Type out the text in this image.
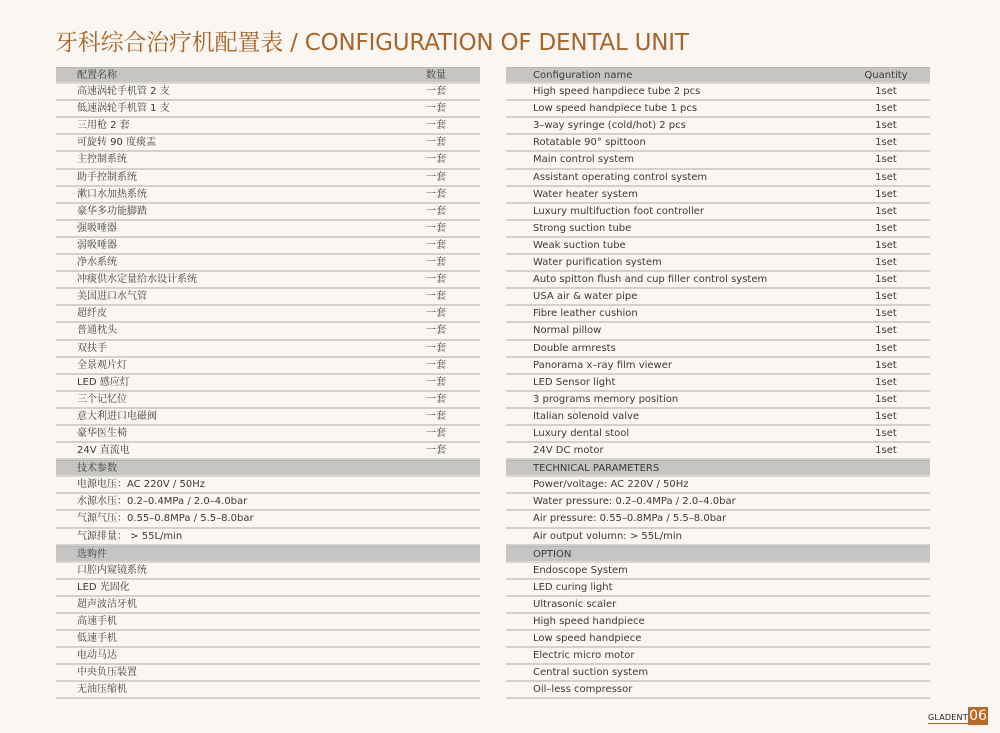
牙科综合治疗机配置表 / CONFIGURATION OF DENTAL UNIT
配置名称	数量
高速涡轮手机管 2 支	一套
低速涡轮手机管 1 支	一套
三用枪 2 套	一套
可旋转 90 度痰盂	一套
主控制系统	一套
助手控制系统	一套
漱口水加热系统	一套
豪华多功能脚踏	一套
强吸唾器	一套
弱吸唾器	一套
净水系统	一套
冲痰供水定量给水设计系统	一套
美国进口水气管	一套
超纤皮	一套
普通枕头	一套
双扶手	一套
全景观片灯	一套
LED 感应灯	一套
三个记忆位	一套
意大利进口电磁阀	一套
豪华医生椅	一套
24V 直流电	一套
技术参数
电源电压：AC 220V / 50Hz
水源水压：0.2–0.4MPa / 2.0–4.0bar
气源气压：0.55–0.8MPa / 5.5–8.0bar
气源排量： > 55L/min
选购件
口腔内窥镜系统
LED 光固化
超声波洁牙机
高速手机
低速手机
电动马达
中央负压装置
无油压缩机
Configuration name	Quantity
High speed hanpdiece tube 2 pcs	1set
Low speed handpiece tube 1 pcs	1set
3–way syringe (cold/hot) 2 pcs	1set
Rotatable 90° spittoon	1set
Main control system	1set
Assistant operating control system	1set
Water heater system	1set
Luxury multifuction foot controller	1set
Strong suction tube	1set
Weak suction tube	1set
Water purification system	1set
Auto spitton flush and cup filler control system	1set
USA air & water pipe	1set
Fibre leather cushion	1set
Normal pillow	1set
Double armrests	1set
Panorama x–ray film viewer	1set
LED Sensor light	1set
3 programs memory position	1set
Italian solenoid valve	1set
Luxury dental stool	1set
24V DC motor	1set
TECHNICAL PARAMETERS
Power/voltage: AC 220V / 50Hz
Water pressure: 0.2–0.4MPa / 2.0–4.0bar
Air pressure: 0.55–0.8MPa / 5.5–8.0bar
Air output volumn: > 55L/min
OPTION
Endoscope System
LED curing light
Ultrasonic scaler
High speed handpiece
Low speed handpiece
Electric micro motor
Central suction system
Oil–less compressor
GLADENT 06
